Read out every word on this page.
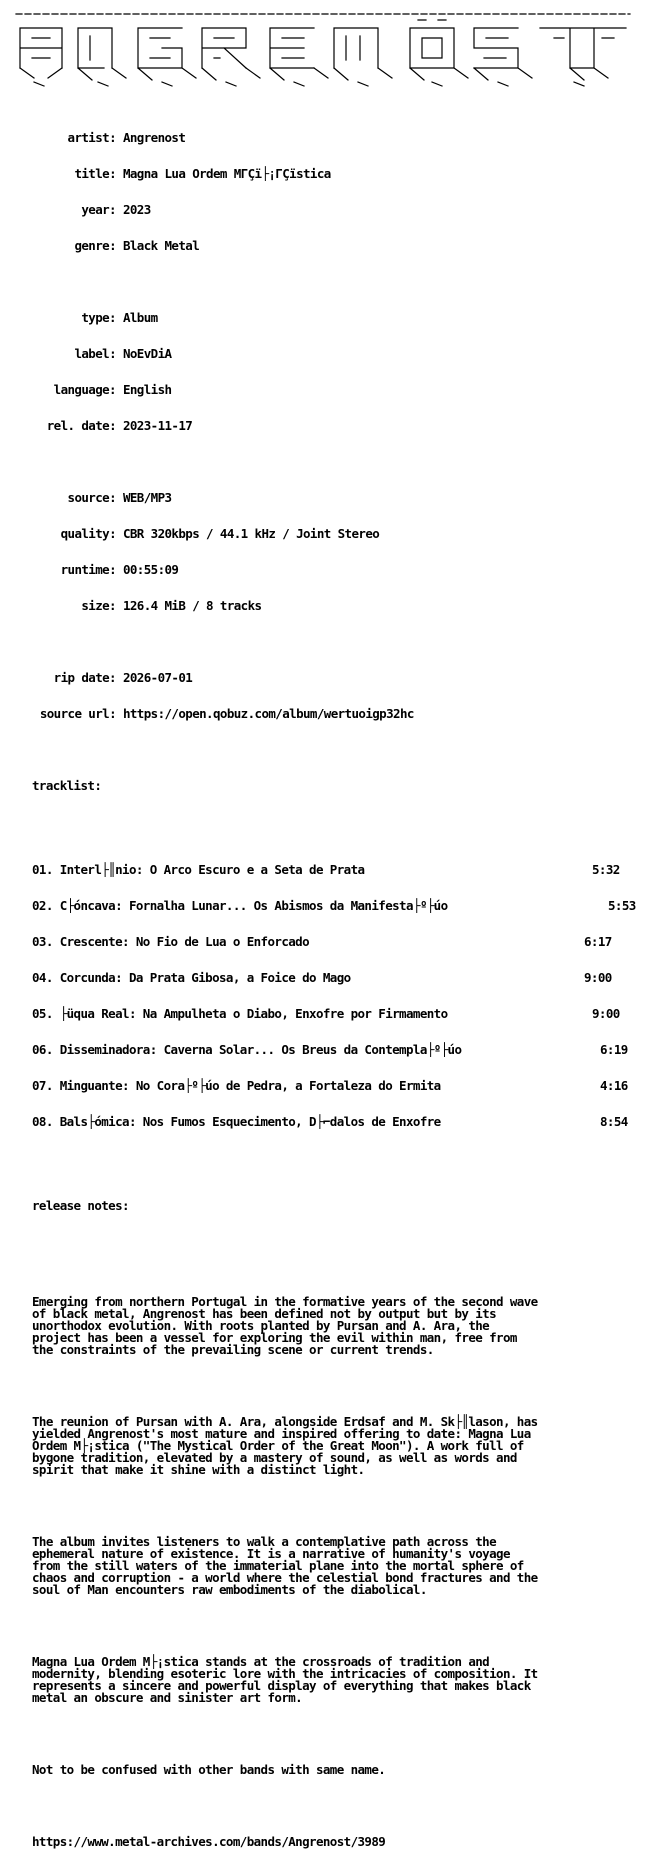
artist: Angrenost

title: Magna Lua Ordem MΓÇï├¡ΓÇïstica

year: 2023

genre: Black Metal

type: Album

label: NoEvDiA

language: English

rel. date: 2023-11-17

source: WEB/MP3

quality: CBR 320kbps / 44.1 kHz / Joint Stereo

runtime: 00:55:09

size: 126.4 MiB / 8 tracks

rip date: 2026-07-01

source url: https://open.qobuz.com/album/wertuoigp32hc

tracklist:

01. Interl├║nio: O Arco Escuro e a Seta de Prata	5:32

02. C├óncava: Fornalha Lunar... Os Abismos da Manifesta├º├úo	5:53

03. Crescente: No Fio de Lua o Enforcado	6:17

04. Corcunda: Da Prata Gibosa, a Foice do Mago	9:00

05. ├üqua Real: Na Ampulheta o Diabo, Enxofre por Firmamento	9:00

06. Disseminadora: Caverna Solar... Os Breus da Contempla├º├úo	6:19

07. Minguante: No Cora├º├úo de Pedra, a Fortaleza do Ermita	4:16

08. Bals├ómica: Nos Fumos Esquecimento, D├⌐dalos de Enxofre	8:54

release notes:

Emerging from northern Portugal in the formative years of the second wave
of black metal, Angrenost has been defined not by output but by its
unorthodox evolution. With roots planted by Pursan and A. Ara, the
project has been a vessel for exploring the evil within man, free from
the constraints of the prevailing scene or current trends.

The reunion of Pursan with A. Ara, alongside Erdsaf and M. Sk├║lason, has
yielded Angrenost's most mature and inspired offering to date: Magna Lua
Ordem M├¡stica ("The Mystical Order of the Great Moon"). A work full of
bygone tradition, elevated by a mastery of sound, as well as words and
spirit that make it shine with a distinct light.

The album invites listeners to walk a contemplative path across the
ephemeral nature of existence. It is a narrative of humanity's voyage
from the still waters of the immaterial plane into the mortal sphere of
chaos and corruption - a world where the celestial bond fractures and the
soul of Man encounters raw embodiments of the diabolical.

Magna Lua Ordem M├¡stica stands at the crossroads of tradition and
modernity, blending esoteric lore with the intricacies of composition. It
represents a sincere and powerful display of everything that makes black
metal an obscure and sinister art form.

Not to be confused with other bands with same name.

https://www.metal-archives.com/bands/Angrenost/3989
